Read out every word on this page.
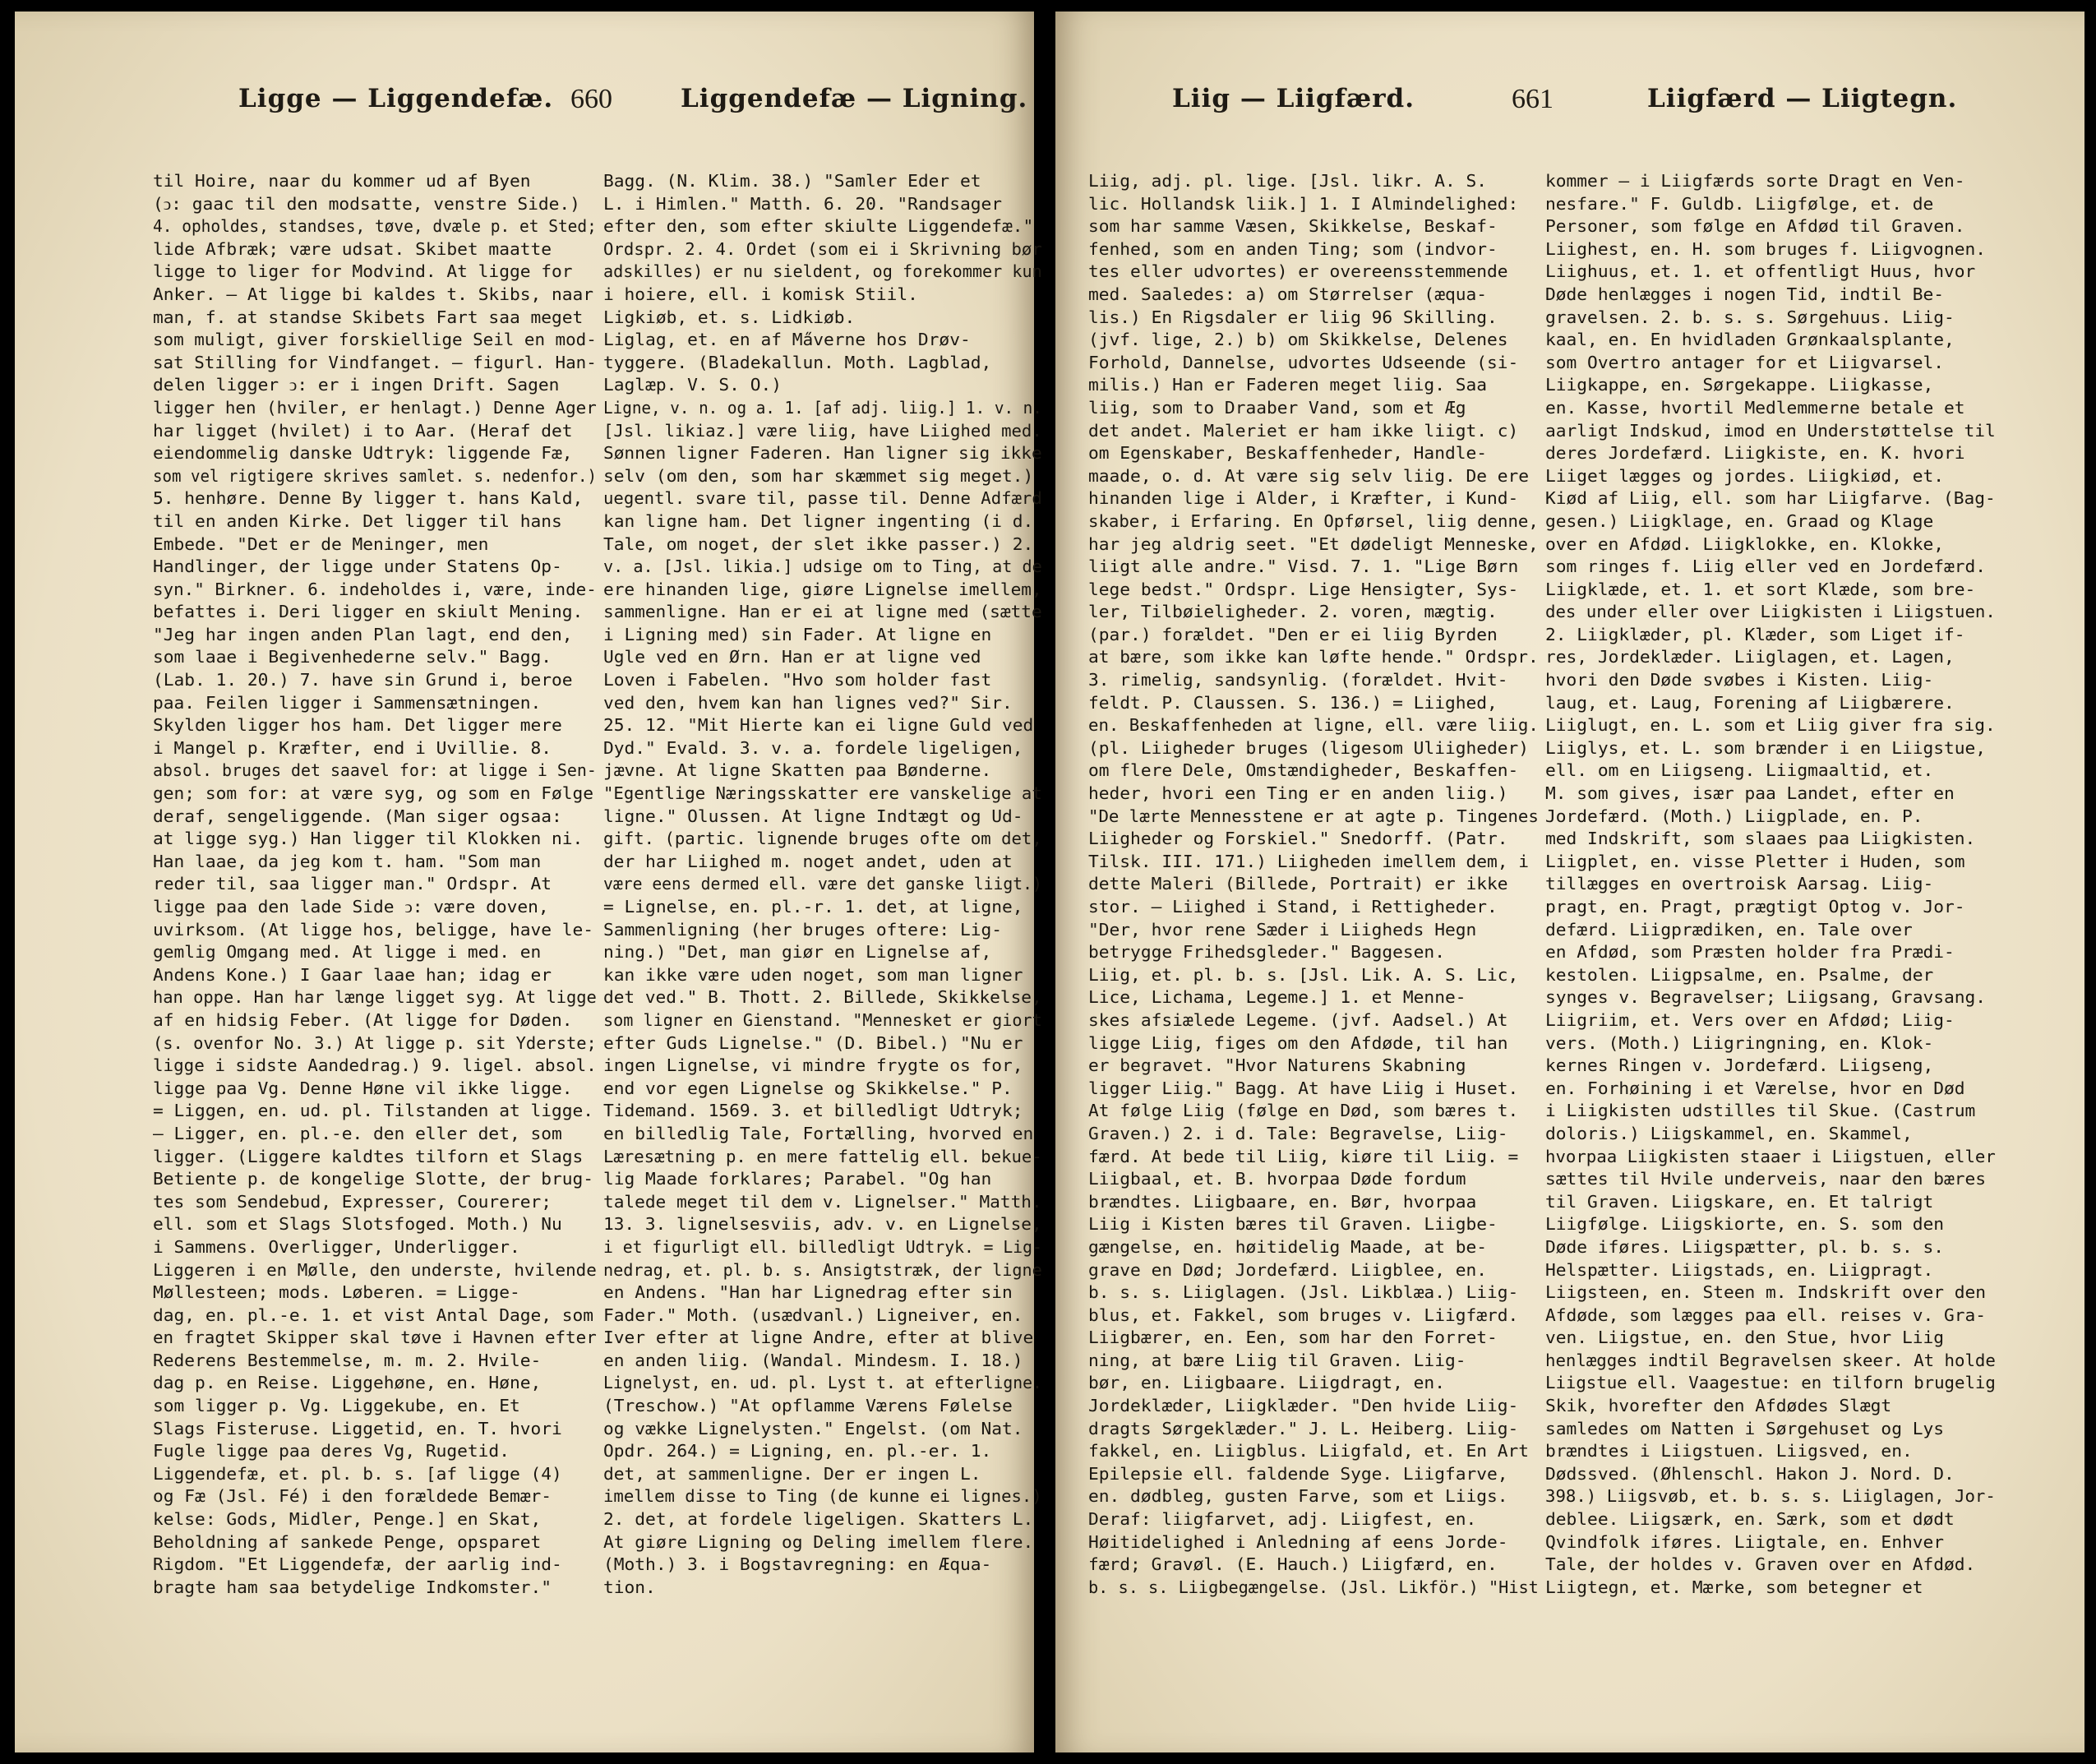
Ligge — Liggendefæ. 660	Liggendefæ — Ligning.
til Hoire, naar du kommer ud af Byen
(ↄ: gaac til den modsatte, venstre Side.)
4. opholdes, standses, tøve, dvæle p. et Sted;
lide Afbræk; være udsat. Skibet maatte
ligge to liger for Modvind. At ligge for
Anker. — At ligge bi kaldes t. Skibs, naar
man, f. at standse Skibets Fart saa meget
som muligt, giver forskiellige Seil en mod-
sat Stilling for Vindfanget. — figurl. Han-
delen ligger ↄ: er i ingen Drift. Sagen
ligger hen (hviler, er henlagt.) Denne Ager
har ligget (hvilet) i to Aar. (Heraf det
eiendommelig danske Udtryk: liggende Fæ,
som vel rigtigere skrives samlet. s. nedenfor.)
5. henhøre. Denne By ligger t. hans Kald,
til en anden Kirke. Det ligger til hans
Embede. "Det er de Meninger, men
Handlinger, der ligge under Statens Op-
syn." Birkner. 6. indeholdes i, være, inde-
befattes i. Deri ligger en skiult Mening.
"Jeg har ingen anden Plan lagt, end den,
som laae i Begivenhederne selv." Bagg.
(Lab. 1. 20.) 7. have sin Grund i, beroe
paa. Feilen ligger i Sammensætningen.
Skylden ligger hos ham. Det ligger mere
i Mangel p. Kræfter, end i Uvillie. 8.
absol. bruges det saavel for: at ligge i Sen-
gen; som for: at være syg, og som en Følge
deraf, sengeliggende. (Man siger ogsaa:
at ligge syg.) Han ligger til Klokken ni.
Han laae, da jeg kom t. ham. "Som man
reder til, saa ligger man." Ordspr. At
ligge paa den lade Side ↄ: være doven,
uvirksom. (At ligge hos, beligge, have le-
gemlig Omgang med. At ligge i med. en
Andens Kone.) I Gaar laae han; idag er
han oppe. Han har længe ligget syg. At ligge
af en hidsig Feber. (At ligge for Døden.
(s. ovenfor No. 3.) At ligge p. sit Yderste;
ligge i sidste Aandedrag.) 9. ligel. absol.
ligge paa Vg. Denne Høne vil ikke ligge.
= Liggen, en. ud. pl. Tilstanden at ligge.
— Ligger, en. pl.-e. den eller det, som
ligger. (Liggere kaldtes tilforn et Slags
Betiente p. de kongelige Slotte, der brug-
tes som Sendebud, Expresser, Courerer;
ell. som et Slags Slotsfoged. Moth.) Nu
i Sammens. Overligger, Underligger.
Liggeren i en Mølle, den underste, hvilende
Møllesteen; mods. Løberen. = Ligge-
dag, en. pl.-e. 1. et vist Antal Dage, som
en fragtet Skipper skal tøve i Havnen efter
Rederens Bestemmelse, m. m. 2. Hvile-
dag p. en Reise. Liggehøne, en. Høne,
som ligger p. Vg. Liggekube, en. Et
Slags Fisteruse. Liggetid, en. T. hvori
Fugle ligge paa deres Vg, Rugetid.
Liggendefæ, et. pl. b. s. [af ligge (4)
og Fæ (Jsl. Fé) i den forældede Bemær-
kelse: Gods, Midler, Penge.] en Skat,
Beholdning af sankede Penge, opsparet
Rigdom. "Et Liggendefæ, der aarlig ind-
bragte ham saa betydelige Indkomster."
Bagg. (N. Klim. 38.) "Samler Eder et
L. i Himlen." Matth. 6. 20. "Randsager
efter den, som efter skiulte Liggendefæ."
Ordspr. 2. 4. Ordet (som ei i Skrivning bør
adskilles) er nu sieldent, og forekommer kun
i hoiere, ell. i komisk Stiil.
Ligkiøb, et. s. Lidkiøb.
Liglag, et. en af Ma̋verne hos Drøv-
tyggere. (Bladekallun. Moth. Lagblad,
Laglæp. V. S. O.)
Ligne, v. n. og a. 1. [af adj. liig.] 1. v. n.
[Jsl. likiaz.] være liig, have Liighed med.
Sønnen ligner Faderen. Han ligner sig ikke
selv (om den, som har skæmmet sig meget.)
uegentl. svare til, passe til. Denne Adfærd
kan ligne ham. Det ligner ingenting (i d.
Tale, om noget, der slet ikke passer.) 2.
v. a. [Jsl. likia.] udsige om to Ting, at de
ere hinanden lige, giøre Lignelse imellem,
sammenligne. Han er ei at ligne med (sætte
i Ligning med) sin Fader. At ligne en
Ugle ved en Ørn. Han er at ligne ved
Loven i Fabelen. "Hvo som holder fast
ved den, hvem kan han lignes ved?" Sir.
25. 12. "Mit Hierte kan ei ligne Guld ved
Dyd." Evald. 3. v. a. fordele ligeligen,
jævne. At ligne Skatten paa Bønderne.
"Egentlige Næringsskatter ere vanskelige at
ligne." Olussen. At ligne Indtægt og Ud-
gift. (partic. lignende bruges ofte om det,
der har Liighed m. noget andet, uden at
være eens dermed ell. være det ganske liigt.)
= Lignelse, en. pl.-r. 1. det, at ligne,
Sammenligning (her bruges oftere: Lig-
ning.) "Det, man giør en Lignelse af,
kan ikke være uden noget, som man ligner
det ved." B. Thott. 2. Billede, Skikkelse,
som ligner en Gienstand. "Mennesket er giort
efter Guds Lignelse." (D. Bibel.) "Nu er
ingen Lignelse, vi mindre frygte os for,
end vor egen Lignelse og Skikkelse." P.
Tidemand. 1569. 3. et billedligt Udtryk;
en billedlig Tale, Fortælling, hvorved en
Læresætning p. en mere fattelig ell. bekue-
lig Maade forklares; Parabel. "Og han
talede meget til dem v. Lignelser." Matth.
13. 3. lignelsesviis, adv. v. en Lignelse,
i et figurligt ell. billedligt Udtryk. = Lig-
nedrag, et. pl. b. s. Ansigtstræk, der ligne
en Andens. "Han har Lignedrag efter sin
Fader." Moth. (usædvanl.) Ligneiver, en.
Iver efter at ligne Andre, efter at blive
en anden liig. (Wandal. Mindesm. I. 18.)
Lignelyst, en. ud. pl. Lyst t. at efterligne.
(Treschow.) "At opflamme Værens Følelse
og vække Lignelysten." Engelst. (om Nat.
Opdr. 264.) = Ligning, en. pl.-er. 1.
det, at sammenligne. Der er ingen L.
imellem disse to Ting (de kunne ei lignes.)
2. det, at fordele ligeligen. Skatters L.
At giøre Ligning og Deling imellem flere.
(Moth.) 3. i Bogstavregning: en Æqua-
tion.
Liig — Liigfærd.	661	Liigfærd — Liigtegn.
Liig, adj. pl. lige. [Jsl. likr. A. S.
lic. Hollandsk liik.] 1. I Almindelighed:
som har samme Væsen, Skikkelse, Beskaf-
fenhed, som en anden Ting; som (indvor-
tes eller udvortes) er overeensstemmende
med. Saaledes: a) om Størrelser (æqua-
lis.) En Rigsdaler er liig 96 Skilling.
(jvf. lige, 2.) b) om Skikkelse, Delenes
Forhold, Dannelse, udvortes Udseende (si-
milis.) Han er Faderen meget liig. Saa
liig, som to Draaber Vand, som et Æg
det andet. Maleriet er ham ikke liigt. c)
om Egenskaber, Beskaffenheder, Handle-
maade, o. d. At være sig selv liig. De ere
hinanden lige i Alder, i Kræfter, i Kund-
skaber, i Erfaring. En Opførsel, liig denne,
har jeg aldrig seet. "Et dødeligt Menneske,
liigt alle andre." Visd. 7. 1. "Lige Børn
lege bedst." Ordspr. Lige Hensigter, Sys-
ler, Tilbøieligheder. 2. voren, mægtig.
(par.) forældet. "Den er ei liig Byrden
at bære, som ikke kan løfte hende." Ordspr.
3. rimelig, sandsynlig. (forældet. Hvit-
feldt. P. Claussen. S. 136.) = Liighed,
en. Beskaffenheden at ligne, ell. være liig.
(pl. Liigheder bruges (ligesom Uliigheder)
om flere Dele, Omstændigheder, Beskaffen-
heder, hvori een Ting er en anden liig.)
"De lærte Mennesstene er at agte p. Tingenes
Liigheder og Forskiel." Snedorff. (Patr.
Tilsk. III. 171.) Liigheden imellem dem, i
dette Maleri (Billede, Portrait) er ikke
stor. — Liighed i Stand, i Rettigheder.
"Der, hvor rene Sæder i Liigheds Hegn
betrygge Frihedsgleder." Baggesen.
Liig, et. pl. b. s. [Jsl. Lik. A. S. Lic,
Lice, Lichama, Legeme.] 1. et Menne-
skes afsiælede Legeme. (jvf. Aadsel.) At
ligge Liig, figes om den Afdøde, til han
er begravet. "Hvor Naturens Skabning
ligger Liig." Bagg. At have Liig i Huset.
At følge Liig (følge en Død, som bæres t.
Graven.) 2. i d. Tale: Begravelse, Liig-
færd. At bede til Liig, kiøre til Liig. =
Liigbaal, et. B. hvorpaa Døde fordum
brændtes. Liigbaare, en. Bør, hvorpaa
Liig i Kisten bæres til Graven. Liigbe-
gængelse, en. høitidelig Maade, at be-
grave en Død; Jordefærd. Liigblee, en.
b. s. s. Liiglagen. (Jsl. Likblæa.) Liig-
blus, et. Fakkel, som bruges v. Liigfærd.
Liigbærer, en. Een, som har den Forret-
ning, at bære Liig til Graven. Liig-
bør, en. Liigbaare. Liigdragt, en.
Jordeklæder, Liigklæder. "Den hvide Liig-
dragts Sørgeklæder." J. L. Heiberg. Liig-
fakkel, en. Liigblus. Liigfald, et. En Art
Epilepsie ell. faldende Syge. Liigfarve,
en. dødbleg, gusten Farve, som et Liigs.
Deraf: liigfarvet, adj. Liigfest, en.
Høitidelighed i Anledning af eens Jorde-
færd; Gravøl. (E. Hauch.) Liigfærd, en.
b. s. s. Liigbegængelse. (Jsl. Likför.) "Hist
kommer — i Liigfærds sorte Dragt en Ven-
nesfare." F. Guldb. Liigfølge, et. de
Personer, som følge en Afdød til Graven.
Liighest, en. H. som bruges f. Liigvognen.
Liighuus, et. 1. et offentligt Huus, hvor
Døde henlægges i nogen Tid, indtil Be-
gravelsen. 2. b. s. s. Sørgehuus. Liig-
kaal, en. En hvidladen Grønkaalsplante,
som Overtro antager for et Liigvarsel.
Liigkappe, en. Sørgekappe. Liigkasse,
en. Kasse, hvortil Medlemmerne betale et
aarligt Indskud, imod en Understøttelse til
deres Jordefærd. Liigkiste, en. K. hvori
Liiget lægges og jordes. Liigkiød, et.
Kiød af Liig, ell. som har Liigfarve. (Bag-
gesen.) Liigklage, en. Graad og Klage
over en Afdød. Liigklokke, en. Klokke,
som ringes f. Liig eller ved en Jordefærd.
Liigklæde, et. 1. et sort Klæde, som bre-
des under eller over Liigkisten i Liigstuen.
2. Liigklæder, pl. Klæder, som Liget if-
res, Jordeklæder. Liiglagen, et. Lagen,
hvori den Døde svøbes i Kisten. Liig-
laug, et. Laug, Forening af Liigbærere.
Liiglugt, en. L. som et Liig giver fra sig.
Liiglys, et. L. som brænder i en Liigstue,
ell. om en Liigseng. Liigmaaltid, et.
M. som gives, især paa Landet, efter en
Jordefærd. (Moth.) Liigplade, en. P.
med Indskrift, som slaaes paa Liigkisten.
Liigplet, en. visse Pletter i Huden, som
tillægges en overtroisk Aarsag. Liig-
pragt, en. Pragt, prægtigt Optog v. Jor-
defærd. Liigprædiken, en. Tale over
en Afdød, som Præsten holder fra Prædi-
kestolen. Liigpsalme, en. Psalme, der
synges v. Begravelser; Liigsang, Gravsang.
Liigriim, et. Vers over en Afdød; Liig-
vers. (Moth.) Liigringning, en. Klok-
kernes Ringen v. Jordefærd. Liigseng,
en. Forhøining i et Værelse, hvor en Død
i Liigkisten udstilles til Skue. (Castrum
doloris.) Liigskammel, en. Skammel,
hvorpaa Liigkisten staaer i Liigstuen, eller
sættes til Hvile underveis, naar den bæres
til Graven. Liigskare, en. Et talrigt
Liigfølge. Liigskiorte, en. S. som den
Døde iføres. Liigspætter, pl. b. s. s.
Helspætter. Liigstads, en. Liigpragt.
Liigsteen, en. Steen m. Indskrift over den
Afdøde, som lægges paa ell. reises v. Gra-
ven. Liigstue, en. den Stue, hvor Liig
henlægges indtil Begravelsen skeer. At holde
Liigstue ell. Vaagestue: en tilforn brugelig
Skik, hvorefter den Afdødes Slægt
samledes om Natten i Sørgehuset og Lys
brændtes i Liigstuen. Liigsved, en.
Dødssved. (Øhlenschl. Hakon J. Nord. D.
398.) Liigsvøb, et. b. s. s. Liiglagen, Jor-
deblee. Liigsærk, en. Særk, som et dødt
Qvindfolk iføres. Liigtale, en. Enhver
Tale, der holdes v. Graven over en Afdød.
Liigtegn, et. Mærke, som betegner et
